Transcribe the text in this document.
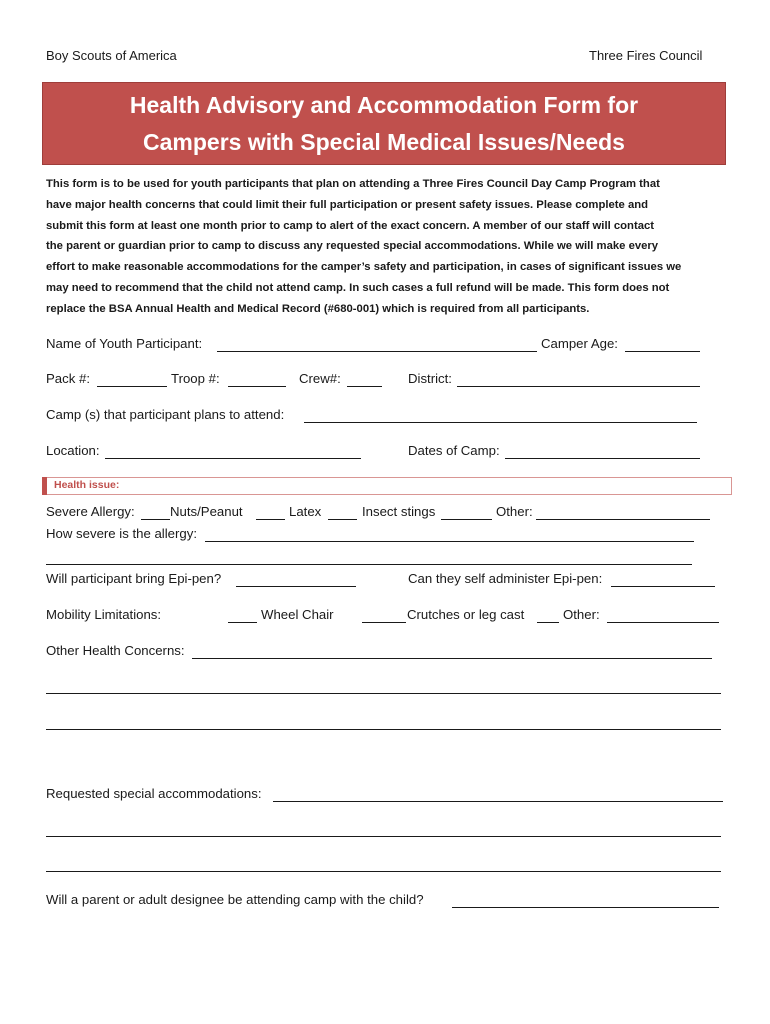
Boy Scouts of America	Three Fires Council
Health Advisory and Accommodation Form for
Campers with Special Medical Issues/Needs

This form is to be used for youth participants that plan on attending a Three Fires Council Day Camp Program that

have major health concerns that could limit their full participation or present safety issues. Please complete and

submit this form at least one month prior to camp to alert of the exact concern. A member of our staff will contact

the parent or guardian prior to camp to discuss any requested special accommodations. While we will make every

effort to make reasonable accommodations for the camper’s safety and participation, in cases of significant issues we

may need to recommend that the child not attend camp. In such cases a full refund will be made. This form does not

replace the BSA Annual Health and Medical Record (#680-001) which is required from all participants.

Name of Youth Participant:	Camper Age:
Pack #:	Troop #:	Crew#:	District:
Camp (s) that participant plans to attend:
Location:	Dates of Camp:
Health issue:
Severe Allergy:	Nuts/Peanut	Latex	Insect stings	Other:
How severe is the allergy:
Will participant bring Epi-pen?	Can they self administer Epi-pen:
Mobility Limitations:	Wheel Chair	Crutches or leg cast	Other:
Other Health Concerns:
Requested special accommodations:
Will a parent or adult designee be attending camp with the child?
